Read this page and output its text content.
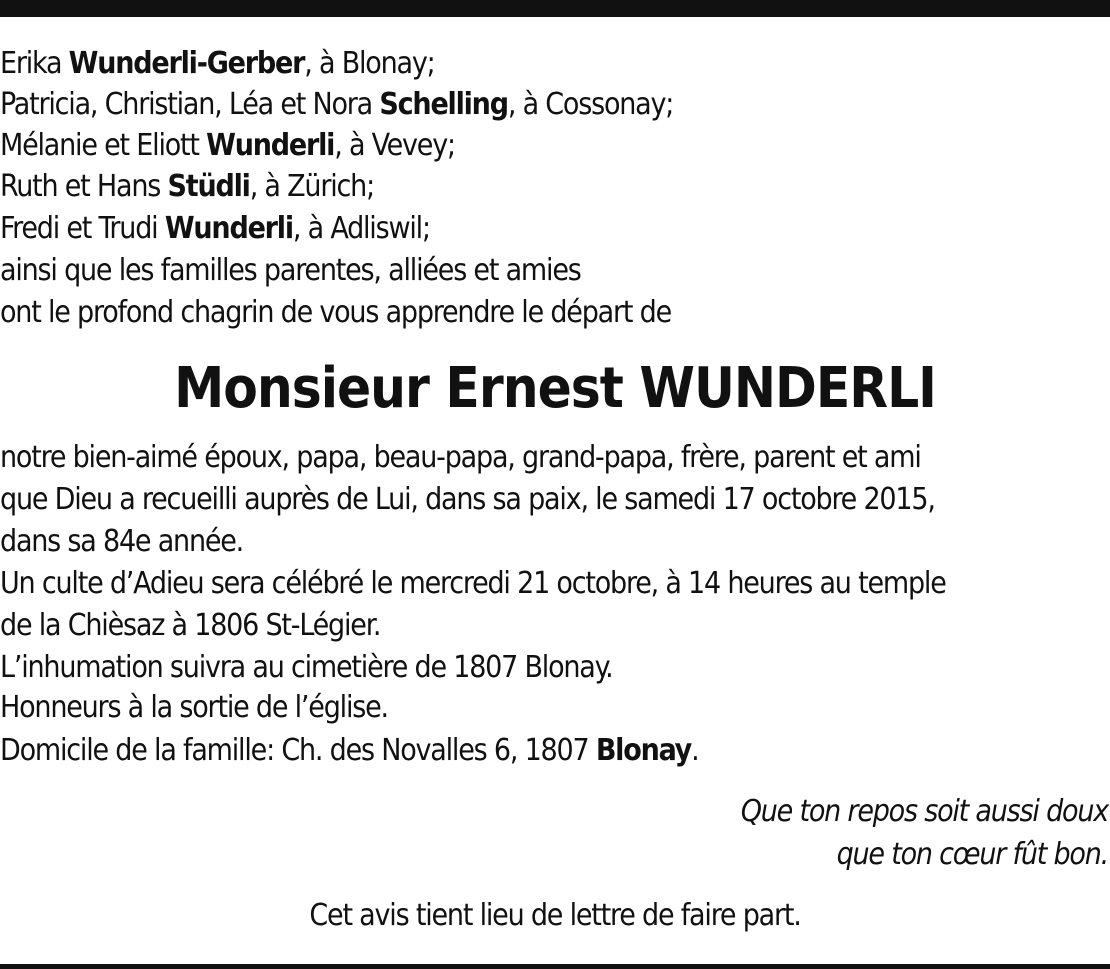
Erika Wunderli-Gerber, à Blonay;
Patricia, Christian, Léa et Nora Schelling, à Cossonay;
Mélanie et Eliott Wunderli, à Vevey;
Ruth et Hans Stüdli, à Zürich;
Fredi et Trudi Wunderli, à Adliswil;
ainsi que les familles parentes, alliées et amies
ont le profond chagrin de vous apprendre le départ de
Monsieur Ernest WUNDERLI
notre bien-aimé époux, papa, beau-papa, grand-papa, frère, parent et ami
que Dieu a recueilli auprès de Lui, dans sa paix, le samedi 17 octobre 2015,
dans sa 84e année.
Un culte d’Adieu sera célébré le mercredi 21 octobre, à 14 heures au temple
de la Chièsaz à 1806 St-Légier.
L’inhumation suivra au cimetière de 1807 Blonay.
Honneurs à la sortie de l’église.
Domicile de la famille: Ch. des Novalles 6, 1807 Blonay.
Que ton repos soit aussi doux
que ton cœur fût bon.
Cet avis tient lieu de lettre de faire part.
